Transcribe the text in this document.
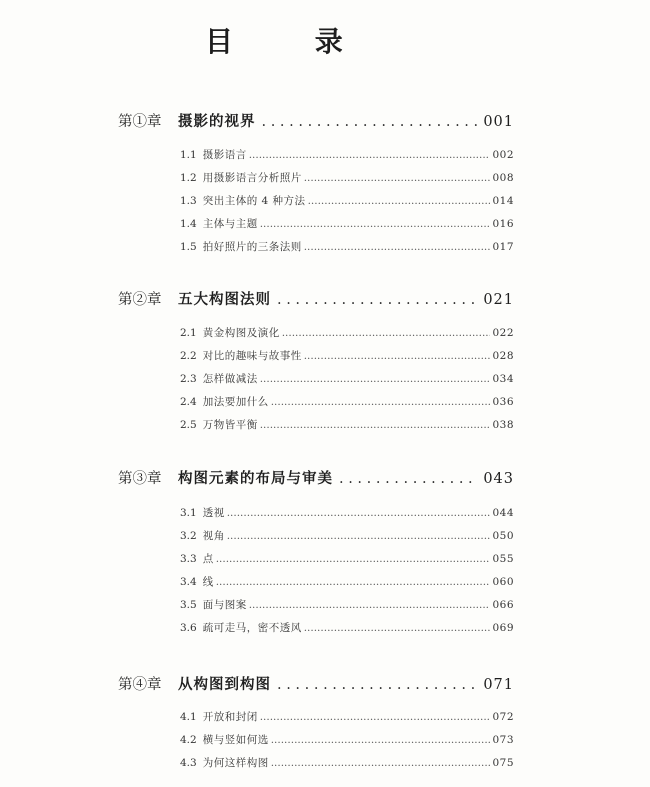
目 录
第①章	摄影的视界 . . .	001
1.1 摄影语言 .....	002
1.2 用摄影语言分析照片 .....	008
1.3 突出主体的 4 种方法 .....	014
1.4 主体与主题 .....	016
1.5 拍好照片的三条法则 .....	017
第②章	五大构图法则 . . .	021
2.1 黄金构图及演化 .....	022
2.2 对比的趣味与故事性 .....	028
2.3 怎样做减法 .....	034
2.4 加法要加什么 .....	036
2.5 万物皆平衡 .....	038
第③章	构图元素的布局与审美 . . .	043
3.1 透视 .....	044
3.2 视角 .....	050
3.3 点 .....	055
3.4 线 .....	060
3.5 面与图案 .....	066
3.6 疏可走马，密不透风 .....	069
第④章	从构图到构图 . . .	071
4.1 开放和封闭 .....	072
4.2 横与竖如何选 .....	073
4.3 为何这样构图 .....	075
